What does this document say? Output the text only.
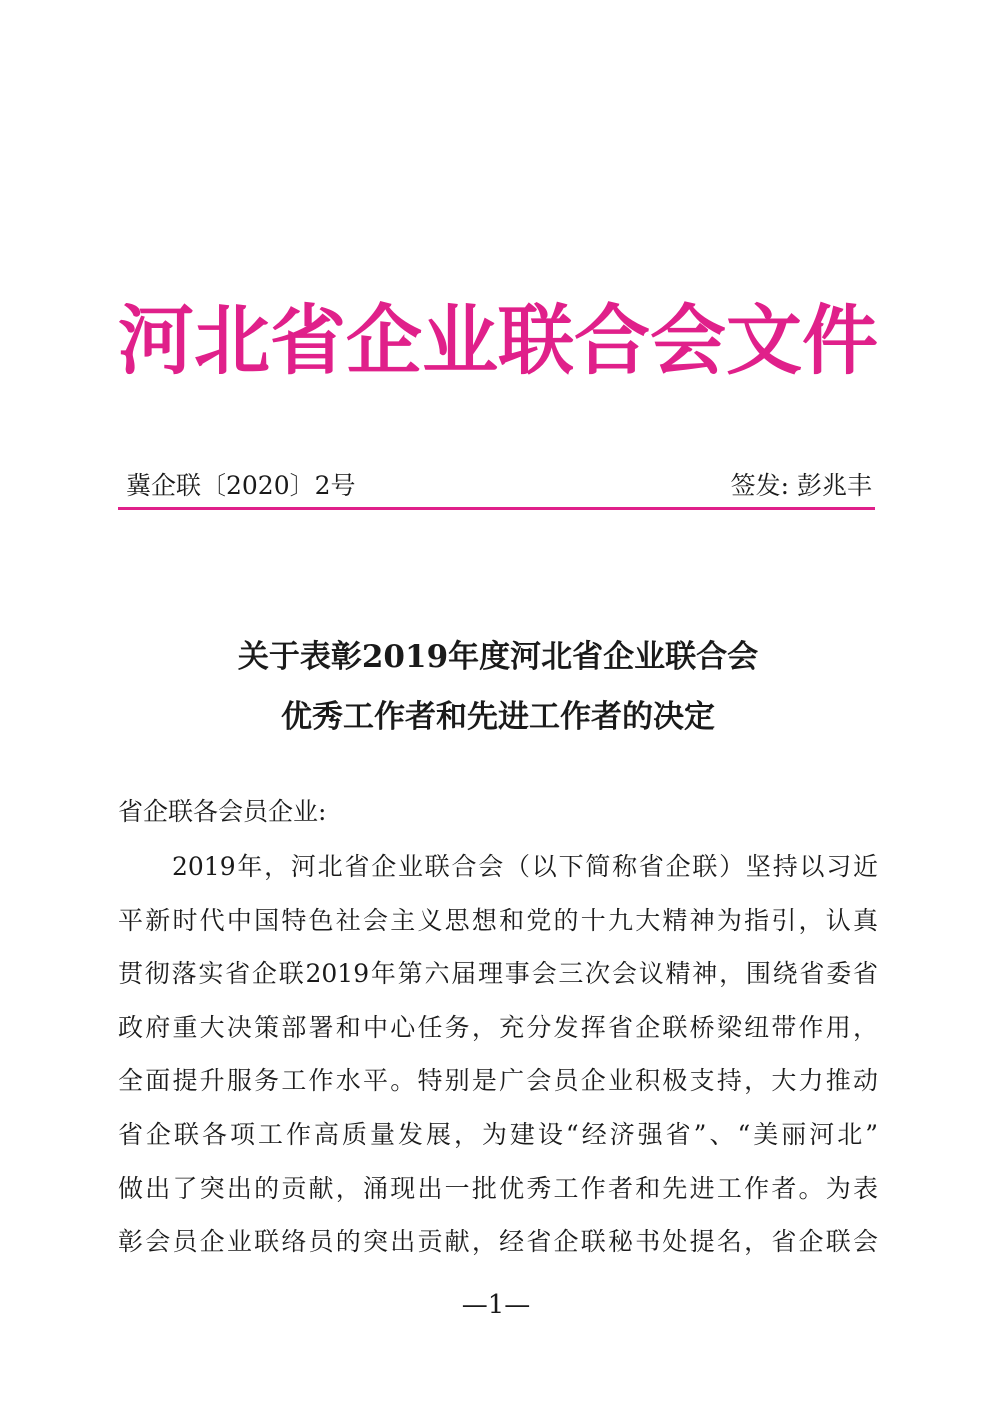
河北省企业联合会文件
冀企联〔2020〕2号	签发: 彭兆丰
关于表彰2019年度河北省企业联合会
优秀工作者和先进工作者的决定
省企联各会员企业:
2019年，河北省企业联合会（以下简称省企联）坚持以习近
平新时代中国特色社会主义思想和党的十九大精神为指引，认真
贯彻落实省企联2019年第六届理事会三次会议精神，围绕省委省
政府重大决策部署和中心任务，充分发挥省企联桥梁纽带作用，
全面提升服务工作水平。特别是广会员企业积极支持，大力推动
省企联各项工作高质量发展，为建设“经济强省”、“美丽河北”
做出了突出的贡献，涌现出一批优秀工作者和先进工作者。为表
彰会员企业联络员的突出贡献，经省企联秘书处提名，省企联会
—1—
